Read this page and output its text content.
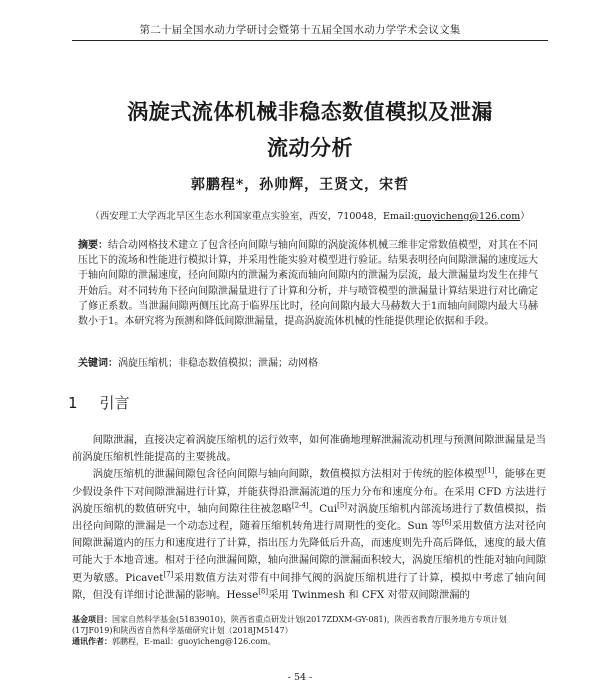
第二十届全国水动力学研讨会暨第十五届全国水动力学学术会议文集
涡旋式流体机械非稳态数值模拟及泄漏
流动分析
郭鹏程*，孙帅辉，王贤文，宋哲
（西安理工大学西北旱区生态水利国家重点实验室，西安，710048，Email:guoyicheng@126.com）
摘要：结合动网格技术建立了包含径向间隙与轴向间隙的涡旋流体机械三维非定常数值模型，对其在不同压比下的流场和性能进行模拟计算，并采用性能实验对模型进行验证。结果表明径向间隙泄漏的速度远大于轴向间隙的泄漏速度，径向间隙内的泄漏为紊流而轴向间隙内的泄漏为层流，最大泄漏量均发生在排气开始后。对不同转角下径向间隙泄漏量进行了计算和分析，并与喷管模型的泄漏量计算结果进行对比确定了修正系数。当泄漏间隙两侧压比高于临界压比时，径向间隙内最大马赫数大于1而轴向间隙内最大马赫数小于1。本研究将为预测和降低间隙泄漏量，提高涡旋流体机械的性能提供理论依据和手段。
关键词：涡旋压缩机；非稳态数值模拟；泄漏；动网格
1 引言

间隙泄漏，直接决定着涡旋压缩机的运行效率，如何准确地理解泄漏流动机理与预测间隙泄漏量是当前涡旋压缩机性能提高的主要挑战。

涡旋压缩机的泄漏间隙包含径向间隙与轴向间隙，数值模拟方法相对于传统的腔体模型[1]，能够在更少假设条件下对间隙泄漏进行计算，并能获得沿泄漏流道的压力分布和速度分布。在采用 CFD 方法进行涡旋压缩机的数值研究中，轴向间隙往往被忽略[2-4]。Cui[5]对涡旋压缩机内部流场进行了数值模拟，指出径向间隙的泄漏是一个动态过程，随着压缩机转角进行周期性的变化。Sun 等[6]采用数值方法对径向间隙泄漏道内的压力和速度进行了计算，指出压力先降低后升高，而速度则先升高后降低，速度的最大值可能大于本地音速。相对于径向泄漏间隙，轴向泄漏间隙的泄漏面积较大，涡旋压缩机的性能对轴向间隙更为敏感。Picavet[7]采用数值方法对带有中间排气阀的涡旋压缩机进行了计算，模拟中考虑了轴向间隙，但没有详细讨论泄漏的影响。Hesse[8]采用 Twinmesh 和 CFX 对带双间隙泄漏的

基金项目：国家自然科学基金(51839010)，陕西省重点研发计划(2017ZDXM-GY-081)，陕西省教育厅服务地方专项计划(17JF019)和陕西省自然科学基础研究计划（2018JM5147）
通讯作者：郭鹏程，E-mail：guoyicheng@126.com。
- 54 -
